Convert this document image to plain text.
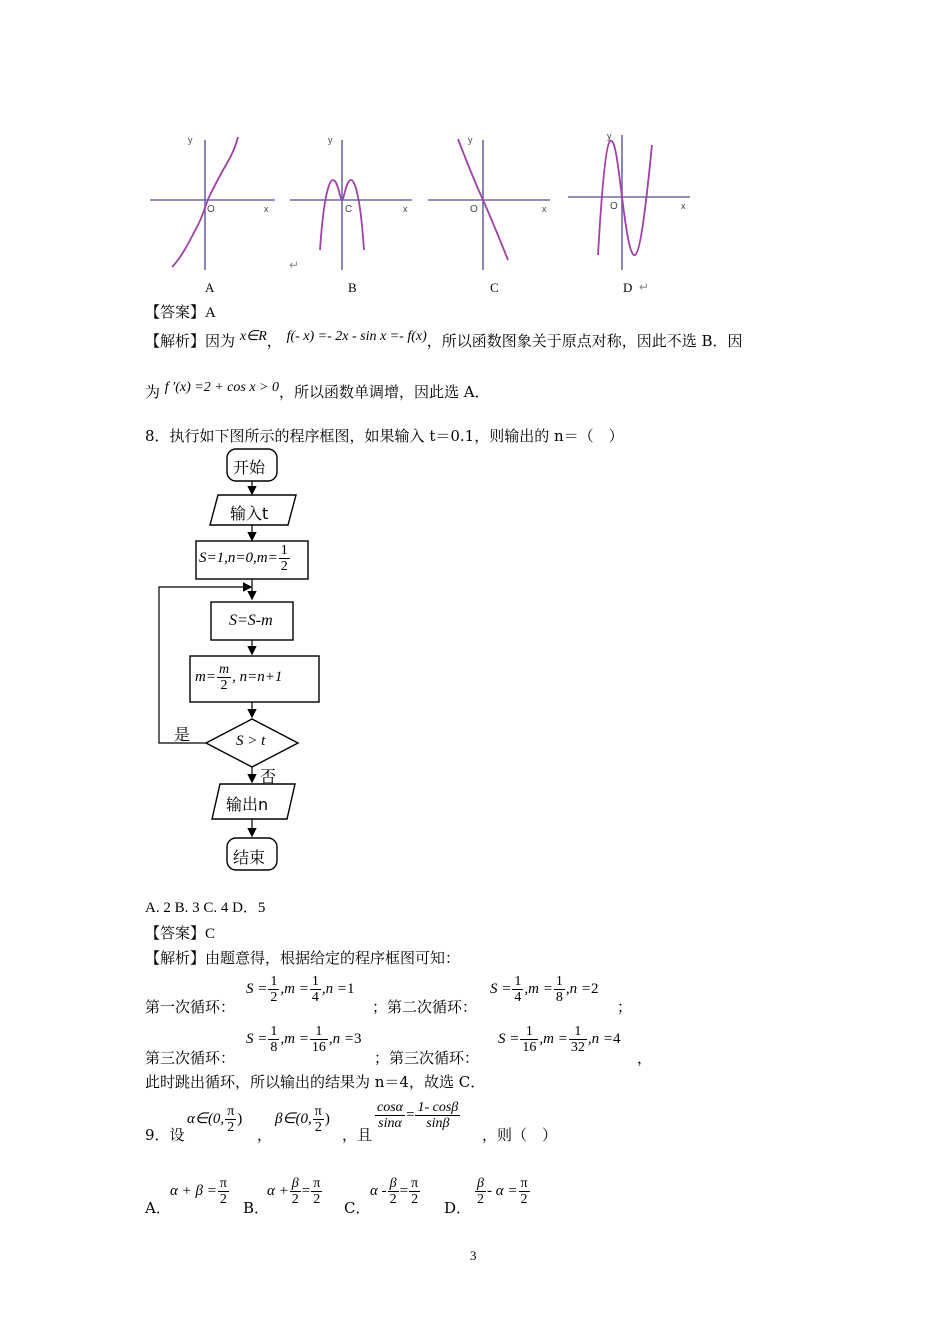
y
O	x
y
C	x
y
O	x
y
O	x
A	B
↵
C	D ↵
【答案】A
【解析】因为 x∈R， f(- x) =- 2x - sin x =- f(x)，所以函数图象关于原点对称，因此不选 B．因
为 f ′(x) =2 + cos x > 0，所以函数单调增，因此选 A．
8．执行如下图所示的程序框图，如果输入 t＝0.1，则输出的 n＝（　）
开始
输入t
$S=1,n=0,m= \frac{1}{2}$
S=S-m
$m= \frac{m}{2}$ , n=n+1
S > t
是
否
输出n
结束
A. 2 B. 3 C. 4 D．5
【答案】C
【解析】由题意得，根据给定的程序框图可知：
第一次循环：
$S = \frac{1}{2} ,m = \frac{1}{4} ,n =1$
；第二次循环：
$S = \frac{1}{4} ,m = \frac{1}{8} ,n =2$
；
第三次循环：
$S = \frac{1}{8} ,m = \frac{1}{16} ,n =3$
；第三次循环：
$S = \frac{1}{16} ,m = \frac{1}{32} ,n =4$
，
此时跳出循环，所以输出的结果为 n＝4，故选 C．
9．设
α∈(0, $\frac{\pi}{2}$ )
，
β∈(0, $\frac{\pi}{2}$ )
，且
$\frac{\cos\alpha}{\sin\alpha} = \frac{1- \cos\beta}{\sin\beta}$
，则（　）
A．
$\alpha + \beta = \frac{\pi}{2}$
B．
$\alpha + \frac{\beta}{2} = \frac{\pi}{2}$
C．
$\alpha - \frac{\beta}{2} = \frac{\pi}{2}$
D．
$\frac{\beta}{2} - \alpha = \frac{\pi}{2}$
3
